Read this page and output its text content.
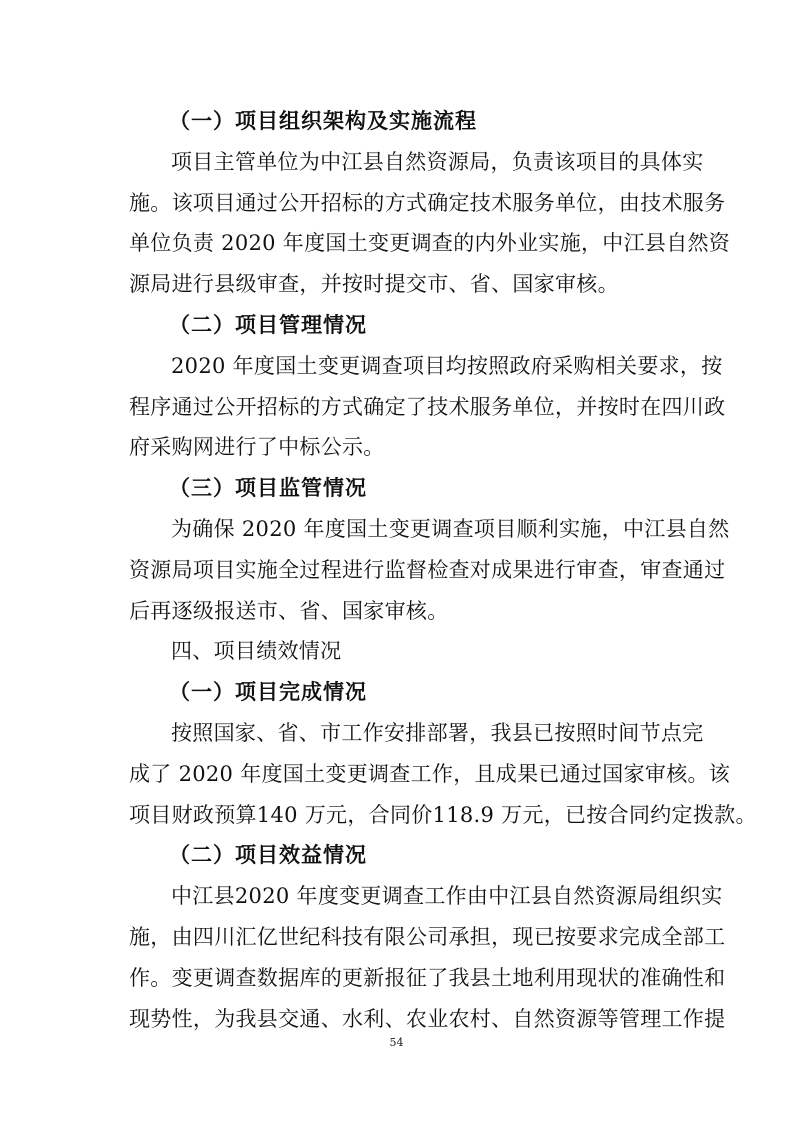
（一）项目组织架构及实施流程
项目主管单位为中江县自然资源局，负责该项目的具体实
施。该项目通过公开招标的方式确定技术服务单位，由技术服务
单位负责 2020 年度国土变更调查的内外业实施，中江县自然资
源局进行县级审查，并按时提交市、省、国家审核。
（二）项目管理情况
2020 年度国土变更调查项目均按照政府采购相关要求，按
程序通过公开招标的方式确定了技术服务单位，并按时在四川政
府采购网进行了中标公示。
（三）项目监管情况
为确保 2020 年度国土变更调查项目顺利实施，中江县自然
资源局项目实施全过程进行监督检查对成果进行审查，审查通过
后再逐级报送市、省、国家审核。
四、项目绩效情况
（一）项目完成情况
按照国家、省、市工作安排部署，我县已按照时间节点完
成了 2020 年度国土变更调查工作，且成果已通过国家审核。该
项目财政预算140 万元，合同价118.9 万元，已按合同约定拨款。
（二）项目效益情况
中江县2020 年度变更调查工作由中江县自然资源局组织实
施，由四川汇亿世纪科技有限公司承担，现已按要求完成全部工
作。变更调查数据库的更新报征了我县土地利用现状的准确性和
现势性，为我县交通、水利、农业农村、自然资源等管理工作提
54
